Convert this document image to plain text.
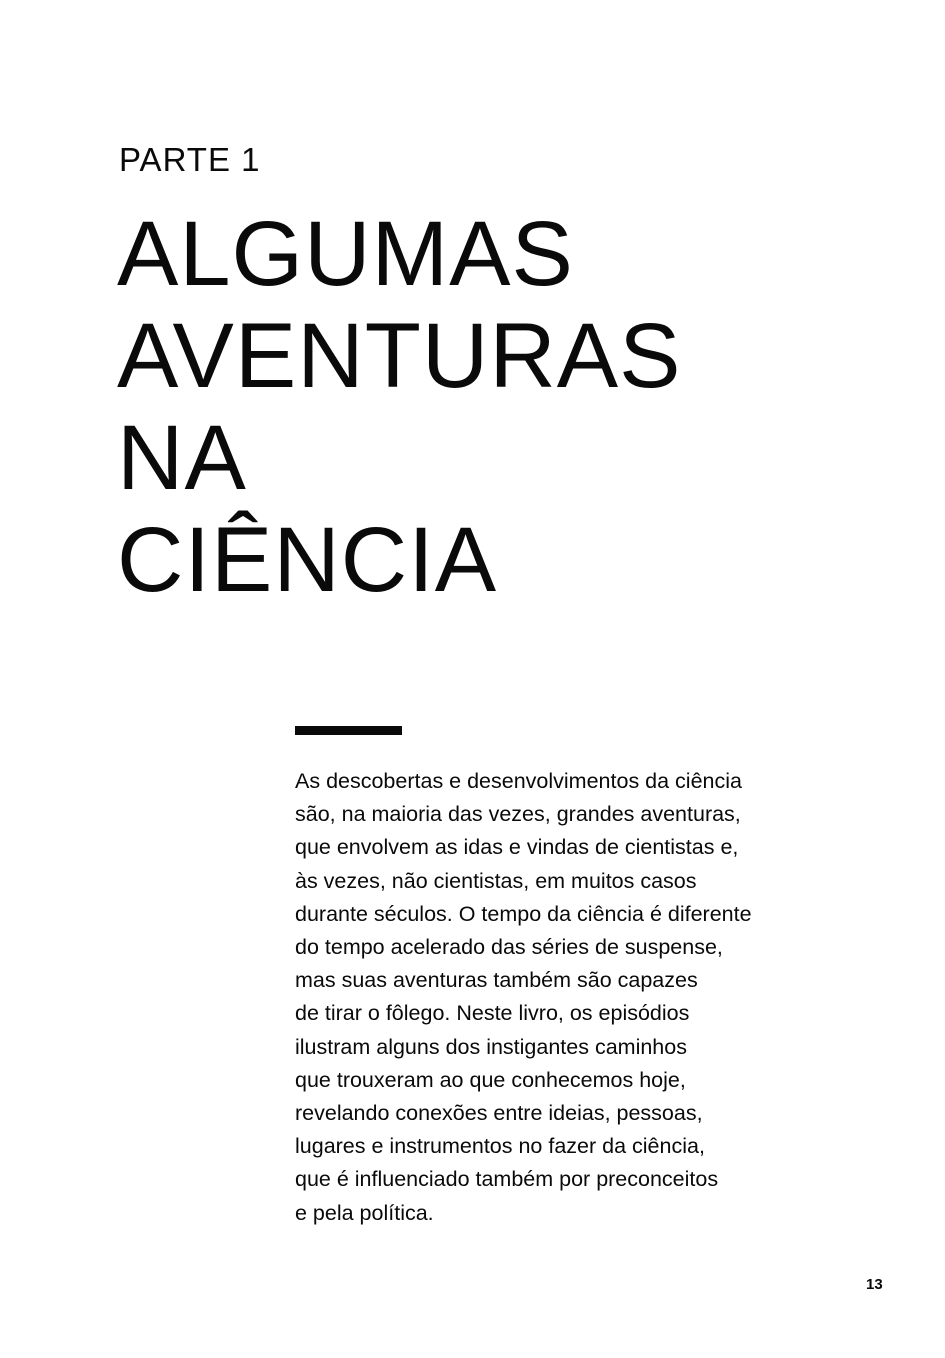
PARTE 1
ALGUMAS
AVENTURAS
NA
CIÊNCIA

As descobertas e desenvolvimentos da ciência
são, na maioria das vezes, grandes aventuras,
que envolvem as idas e vindas de cientistas e,
às vezes, não cientistas, em muitos casos
durante séculos. O tempo da ciência é diferente
do tempo acelerado das séries de suspense,
mas suas aventuras também são capazes
de tirar o fôlego. Neste livro, os episódios
ilustram alguns dos instigantes caminhos
que trouxeram ao que conhecemos hoje,
revelando conexões entre ideias, pessoas,
lugares e instrumentos no fazer da ciência,
que é influenciado também por preconceitos
e pela política.

13
